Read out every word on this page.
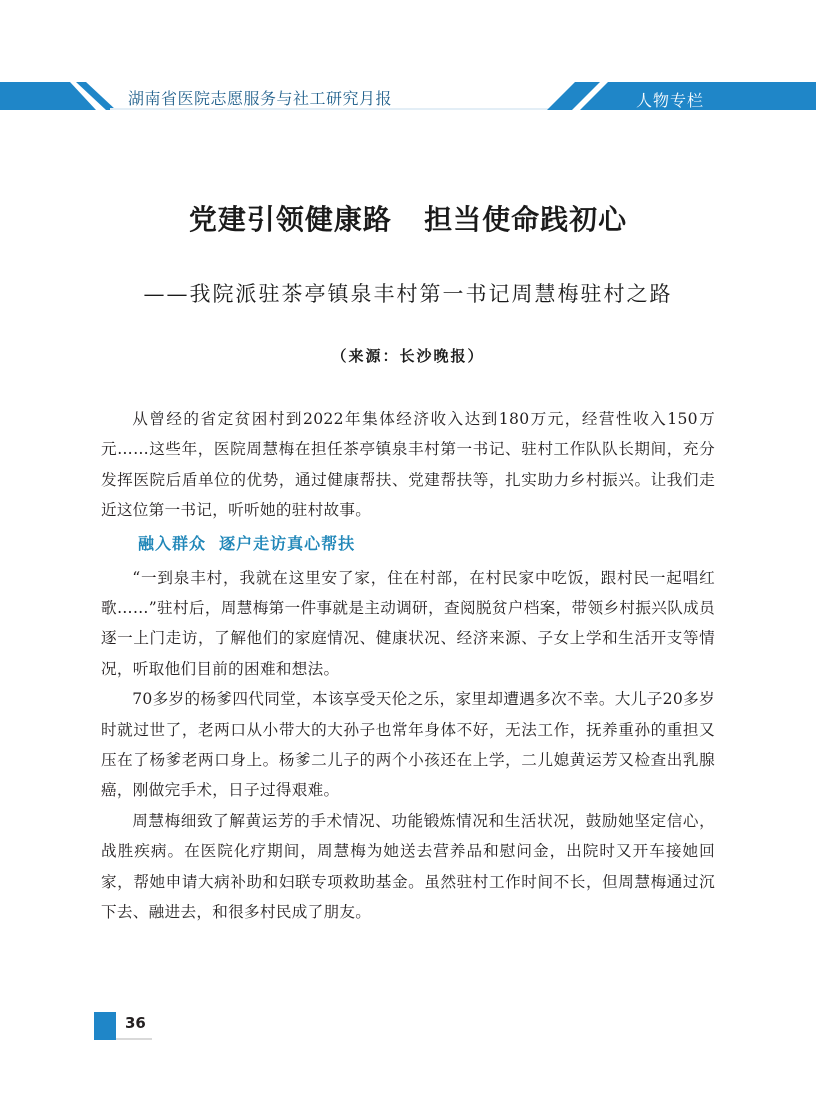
湖南省医院志愿服务与社工研究月报	人物专栏
党建引领健康路   担当使命践初心
——我院派驻茶亭镇泉丰村第一书记周慧梅驻村之路
（来源：长沙晚报）

从曾经的省定贫困村到2022年集体经济收入达到180万元，经营性收入150万元……这些年，医院周慧梅在担任茶亭镇泉丰村第一书记、驻村工作队队长期间，充分发挥医院后盾单位的优势，通过健康帮扶、党建帮扶等，扎实助力乡村振兴。让我们走近这位第一书记，听听她的驻村故事。

融入群众  逐户走访真心帮扶

“一到泉丰村，我就在这里安了家，住在村部，在村民家中吃饭，跟村民一起唱红歌……”驻村后，周慧梅第一件事就是主动调研，查阅脱贫户档案，带领乡村振兴队成员逐一上门走访，了解他们的家庭情况、健康状况、经济来源、子女上学和生活开支等情况，听取他们目前的困难和想法。

70多岁的杨爹四代同堂，本该享受天伦之乐，家里却遭遇多次不幸。大儿子20多岁时就过世了，老两口从小带大的大孙子也常年身体不好，无法工作，抚养重孙的重担又压在了杨爹老两口身上。杨爹二儿子的两个小孩还在上学，二儿媳黄运芳又检查出乳腺癌，刚做完手术，日子过得艰难。

周慧梅细致了解黄运芳的手术情况、功能锻炼情况和生活状况，鼓励她坚定信心，战胜疾病。在医院化疗期间，周慧梅为她送去营养品和慰问金，出院时又开车接她回家，帮她申请大病补助和妇联专项救助基金。虽然驻村工作时间不长，但周慧梅通过沉下去、融进去，和很多村民成了朋友。

36
